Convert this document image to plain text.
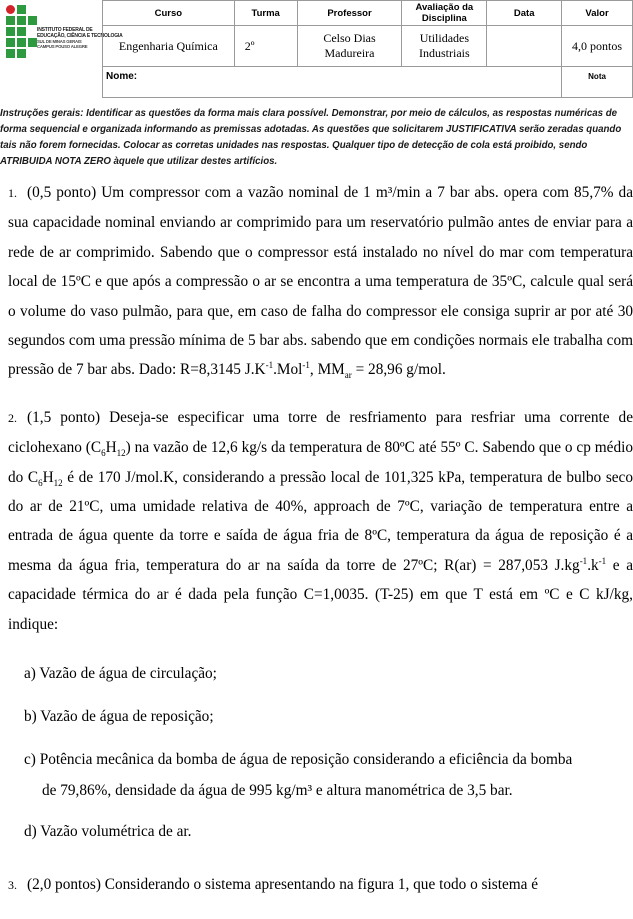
INSTITUTO FEDERAL DE
EDUCAÇÃO, CIÊNCIA E TECNOLOGIA
SUL DE MINAS GERAIS
CAMPUS POUSO ALEGRE
Curso	Turma	Professor	Avaliação da Disciplina	Data	Valor
Engenharia Química	2º	Celso Dias Madureira	Utilidades Industriais		4,0 pontos

Nome:					Nota
Instruções gerais: Identificar as questões da forma mais clara possível. Demonstrar, por meio de cálculos, as respostas numéricas de forma sequencial e organizada informando as premissas adotadas. As questões que solicitarem JUSTIFICATIVA serão zeradas quando tais não forem fornecidas. Colocar as corretas unidades nas respostas. Qualquer tipo de detecção de cola está proibido, sendo ATRIBUIDA NOTA ZERO àquele que utilizar destes artifícios.

1. (0,5 ponto) Um compressor com a vazão nominal de 1 m³/min a 7 bar abs. opera com 85,7% da sua capacidade nominal enviando ar comprimido para um reservatório pulmão antes de enviar para a rede de ar comprimido. Sabendo que o compressor está instalado no nível do mar com temperatura local de 15ºC e que após a compressão o ar se encontra a uma temperatura de 35ºC, calcule qual será o volume do vaso pulmão, para que, em caso de falha do compressor ele consiga suprir ar por até 30 segundos com uma pressão mínima de 5 bar abs. sabendo que em condições normais ele trabalha com pressão de 7 bar abs. Dado: R=8,3145 $J.K^{-1}.Mol^{-1}$, $MM_{ar} = 28,96$ g/mol.

2. (1,5 ponto) Deseja-se especificar uma torre de resfriamento para resfriar uma corrente de ciclohexano $(C_6H_{12})$ na vazão de 12,6 kg/s da temperatura de 80ºC até 55º C. Sabendo que o cp médio do $C_6H_{12}$ é de 170 J/mol.K, considerando a pressão local de 101,325 kPa, temperatura de bulbo seco do ar de 21ºC, uma umidade relativa de 40%, approach de 7ºC, variação de temperatura entre a entrada de água quente da torre e saída de água fria de 8ºC, temperatura da água de reposição é a mesma da água fria, temperatura do ar na saída da torre de 27ºC; R(ar) = 287,053 $J.kg^{-1}.k^{-1}$ e a capacidade térmica do ar é dada pela função C=1,0035. (T-25) em que T está em ºC e C kJ/kg, indique:

a) Vazão de água de circulação;
b) Vazão de água de reposição;
c) Potência mecânica da bomba de água de reposição considerando a eficiência da bomba
de 79,86%, densidade da água de 995 kg/m³ e altura manométrica de 3,5 bar.
d) Vazão volumétrica de ar.

3. (2,0 pontos) Considerando o sistema apresentando na figura 1, que todo o sistema é
